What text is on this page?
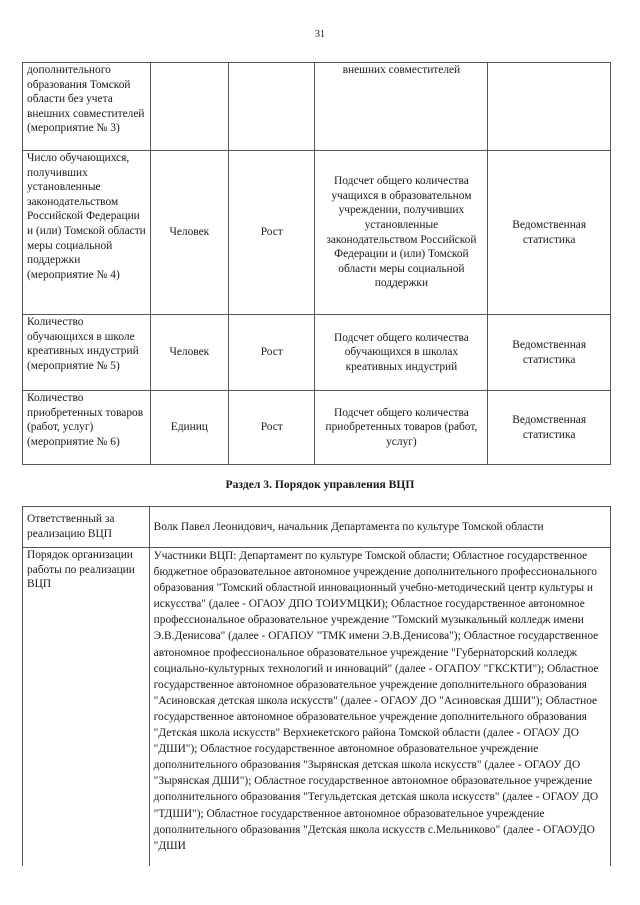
31
дополнительного образования Томской области без учета внешних совместителей (мероприятие № 3)			внешних совместителей	
Число обучающихся, получивших установленные законодательством Российской Федерации и (или) Томской области меры социальной поддержки (мероприятие № 4)	Человек	Рост	Подсчет общего количества учащихся в образовательном учреждении, получивших установленные законодательством Российской Федерации и (или) Томской области меры социальной поддержки	Ведомственная статистика
Количество обучающихся в школе креативных индустрий (мероприятие № 5)	Человек	Рост	Подсчет общего количества обучающихся в школах креативных индустрий	Ведомственная статистика
Количество приобретенных товаров (работ, услуг) (мероприятие № 6)	Единиц	Рост	Подсчет общего количества приобретенных товаров (работ, услуг)	Ведомственная статистика
Раздел 3. Порядок управления ВЦП
Ответственный за реализацию ВЦП	Волк Павел Леонидович, начальник Департамента по культуре Томской области
Порядок организации работы по реализации ВЦП	Участники ВЦП: Департамент по культуре Томской области; Областное государственное бюджетное образовательное автономное учреждение дополнительного профессионального образования "Томский областной инновационный учебно-методический центр культуры и искусства" (далее - ОГАОУ ДПО ТОИУМЦКИ); Областное государственное автономное профессиональное образовательное учреждение "Томский музыкальный колледж имени Э.В.Денисова" (далее - ОГАПОУ "ТМК имени Э.В.Денисова"); Областное государственное автономное профессиональное образовательное учреждение "Губернаторский колледж социально-культурных технологий и инноваций" (далее - ОГАПОУ "ГКСКТИ"); Областное государственное автономное образовательное учреждение дополнительного образования "Асиновская детская школа искусств" (далее - ОГАОУ ДО "Асиновская ДШИ"); Областное государственное автономное образовательное учреждение дополнительного образования "Детская школа искусств" Верхнекетского района Томской области (далее - ОГАОУ ДО "ДШИ"); Областное государственное автономное образовательное учреждение дополнительного образования "Зырянская детская школа искусств" (далее - ОГАОУ ДО "Зырянская ДШИ"); Областное государственное автономное образовательное учреждение дополнительного образования "Тегульдетская детская школа искусств" (далее - ОГАОУ ДО "ТДШИ"); Областное государственное автономное образовательное учреждение дополнительного образования "Детская школа искусств с.Мельниково" (далее - ОГАОУДО "ДШИ
